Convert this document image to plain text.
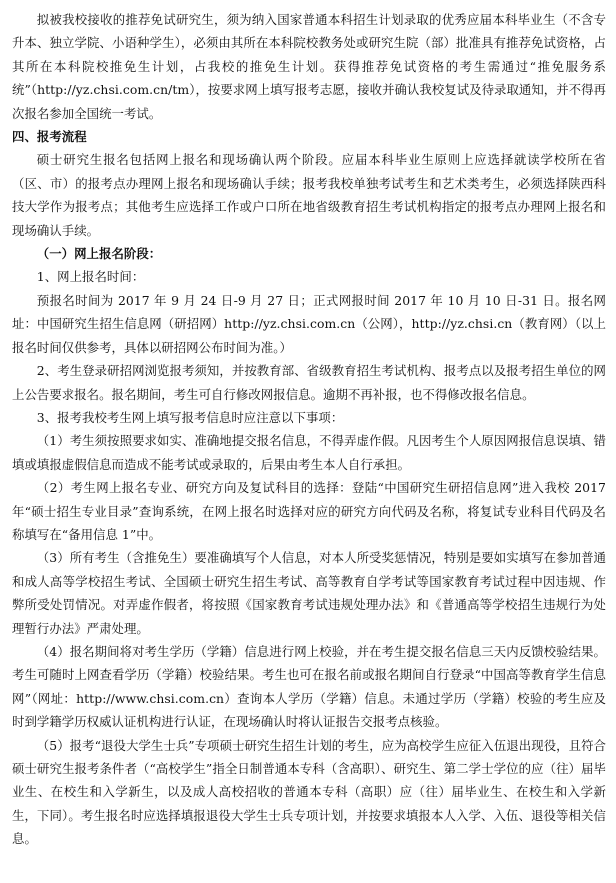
拟被我校接收的推荐免试研究生，须为纳入国家普通本科招生计划录取的优秀应届本科毕业生（不含专升本、独立学院、小语种学生），必须由其所在本科院校教务处或研究生院（部）批准具有推荐免试资格，占其所在本科院校推免生计划，占我校的推免生计划。获得推荐免试资格的考生需通过“推免服务系统”（http://yz.chsi.com.cn/tm），按要求网上填写报考志愿，接收并确认我校复试及待录取通知，并不得再次报名参加全国统一考试。

四、报考流程

硕士研究生报名包括网上报名和现场确认两个阶段。应届本科毕业生原则上应选择就读学校所在省（区、市）的报考点办理网上报名和现场确认手续；报考我校单独考试考生和艺术类考生，必须选择陕西科技大学作为报考点；其他考生应选择工作或户口所在地省级教育招生考试机构指定的报考点办理网上报名和现场确认手续。

（一）网上报名阶段：

1、网上报名时间：

预报名时间为 2017 年 9 月 24 日-9 月 27 日；正式网报时间 2017 年 10 月 10 日-31 日。报名网址：中国研究生招生信息网（研招网）http://yz.chsi.com.cn（公网），http://yz.chsi.cn（教育网）（以上报名时间仅供参考，具体以研招网公布时间为准。）

2、考生登录研招网浏览报考须知，并按教育部、省级教育招生考试机构、报考点以及报考招生单位的网上公告要求报名。报名期间，考生可自行修改网报信息。逾期不再补报，也不得修改报名信息。

3、报考我校考生网上填写报考信息时应注意以下事项：

（1）考生须按照要求如实、准确地提交报名信息，不得弄虚作假。凡因考生个人原因网报信息误填、错填或填报虚假信息而造成不能考试或录取的，后果由考生本人自行承担。

（2）考生网上报名专业、研究方向及复试科目的选择：登陆“中国研究生研招信息网”进入我校 2017 年“硕士招生专业目录”查询系统，在网上报名时选择对应的研究方向代码及名称，将复试专业科目代码及名称填写在“备用信息 1”中。

（3）所有考生（含推免生）要准确填写个人信息，对本人所受奖惩情况，特别是要如实填写在参加普通和成人高等学校招生考试、全国硕士研究生招生考试、高等教育自学考试等国家教育考试过程中因违规、作弊所受处罚情况。对弄虚作假者，将按照《国家教育考试违规处理办法》和《普通高等学校招生违规行为处理暂行办法》严肃处理。

（4）报名期间将对考生学历（学籍）信息进行网上校验，并在考生提交报名信息三天内反馈校验结果。考生可随时上网查看学历（学籍）校验结果。考生也可在报名前或报名期间自行登录“中国高等教育学生信息网”（网址：http://www.chsi.com.cn）查询本人学历（学籍）信息。未通过学历（学籍）校验的考生应及时到学籍学历权威认证机构进行认证，在现场确认时将认证报告交报考点核验。

（5）报考“退役大学生士兵”专项硕士研究生招生计划的考生，应为高校学生应征入伍退出现役，且符合硕士研究生报考条件者（“高校学生”指全日制普通本专科（含高职）、研究生、第二学士学位的应（往）届毕业生、在校生和入学新生，以及成人高校招收的普通本专科（高职）应（往）届毕业生、在校生和入学新生，下同）。考生报名时应选择填报退役大学生士兵专项计划，并按要求填报本人入学、入伍、退役等相关信息。
